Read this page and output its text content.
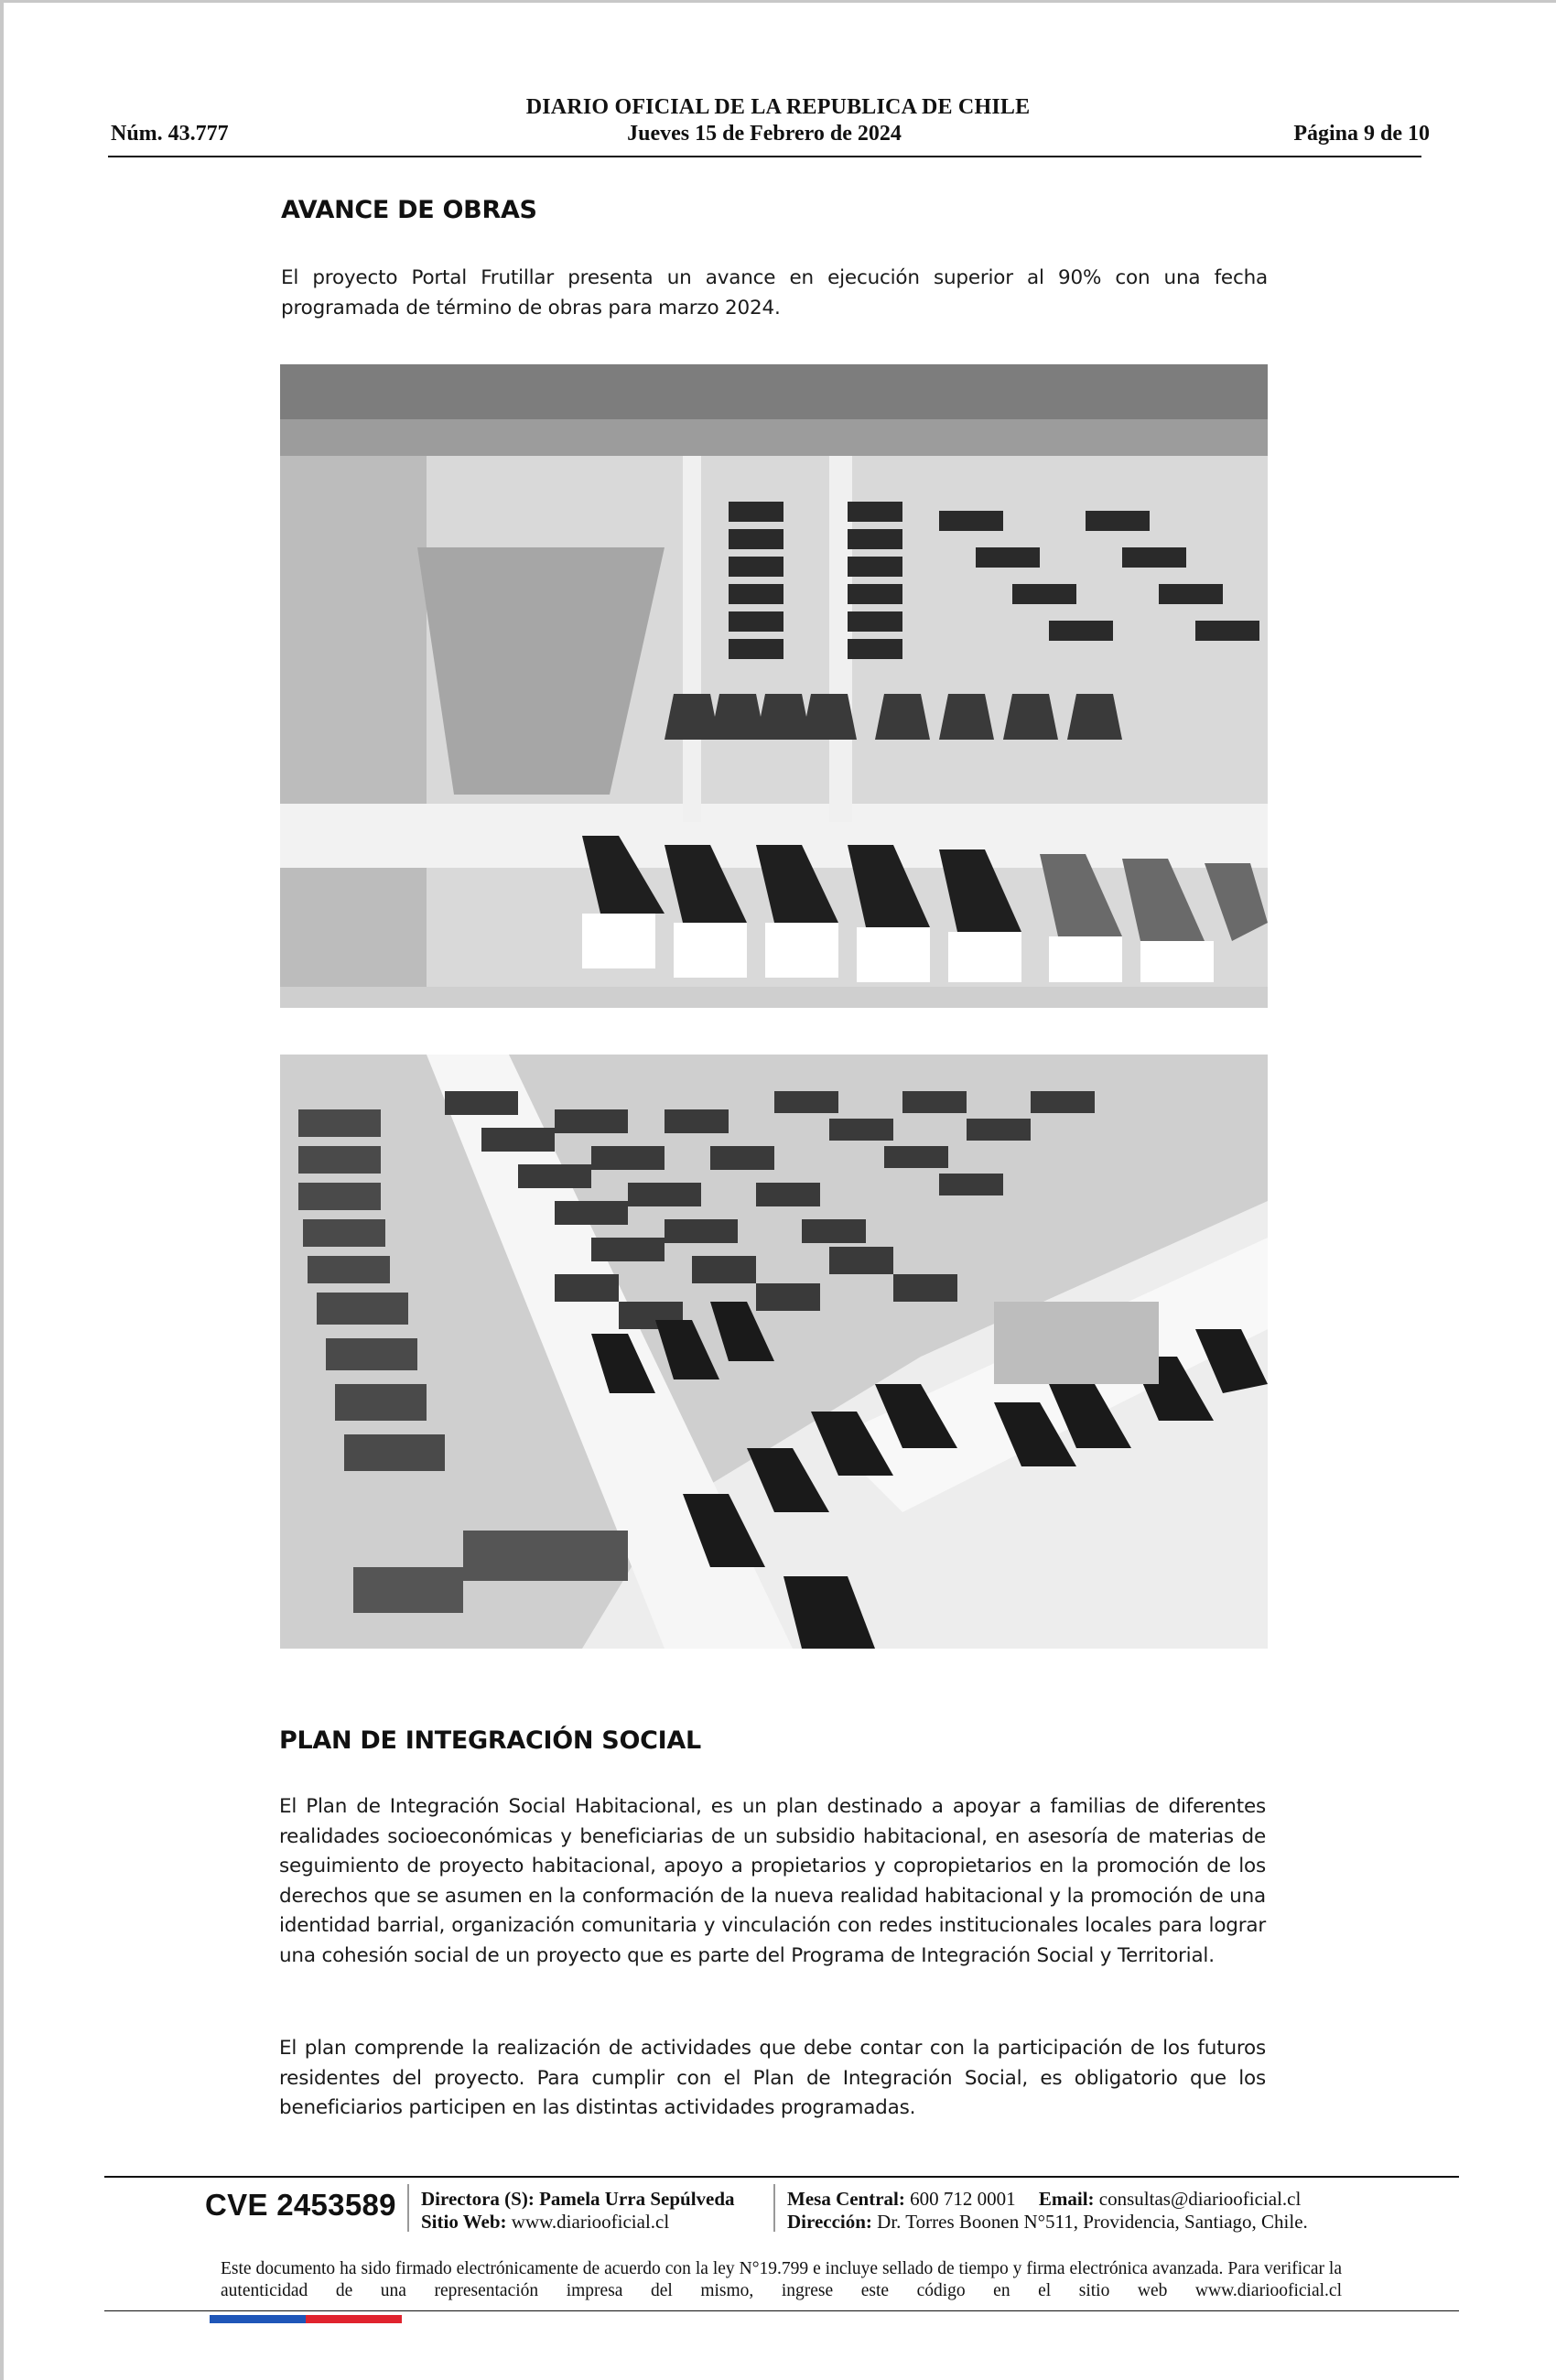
DIARIO OFICIAL DE LA REPUBLICA DE CHILE
Núm. 43.777	Jueves 15 de Febrero de 2024	Página 9 de 10
AVANCE DE OBRAS
El proyecto Portal Frutillar presenta un avance en ejecución superior al 90% con una fecha programada de término de obras para marzo 2024.
PLAN DE INTEGRACIÓN SOCIAL
El Plan de Integración Social Habitacional, es un plan destinado a apoyar a familias de diferentes realidades socioeconómicas y beneficiarias de un subsidio habitacional, en asesoría de materias de seguimiento de proyecto habitacional, apoyo a propietarios y copropietarios en la promoción de los derechos que se asumen en la conformación de la nueva realidad habitacional y la promoción de una identidad barrial, organización comunitaria y vinculación con redes institucionales locales para lograr una cohesión social de un proyecto que es parte del Programa de Integración Social y Territorial.
El plan comprende la realización de actividades que debe contar con la participación de los futuros residentes del proyecto. Para cumplir con el Plan de Integración Social, es obligatorio que los beneficiarios participen en las distintas actividades programadas.
CVE 2453589 Directora (S): Pamela Urra Sepúlveda
Sitio Web: www.diariooficial.cl
Mesa Central: 600 712 0001 Email: consultas@diariooficial.cl
Dirección: Dr. Torres Boonen N°511, Providencia, Santiago, Chile.
Este documento ha sido firmado electrónicamente de acuerdo con la ley N°19.799 e incluye sellado de tiempo y firma electrónica avanzada. Para verificar la autenticidad de una representación impresa del mismo, ingrese este código en el sitio web www.diariooficial.cl
